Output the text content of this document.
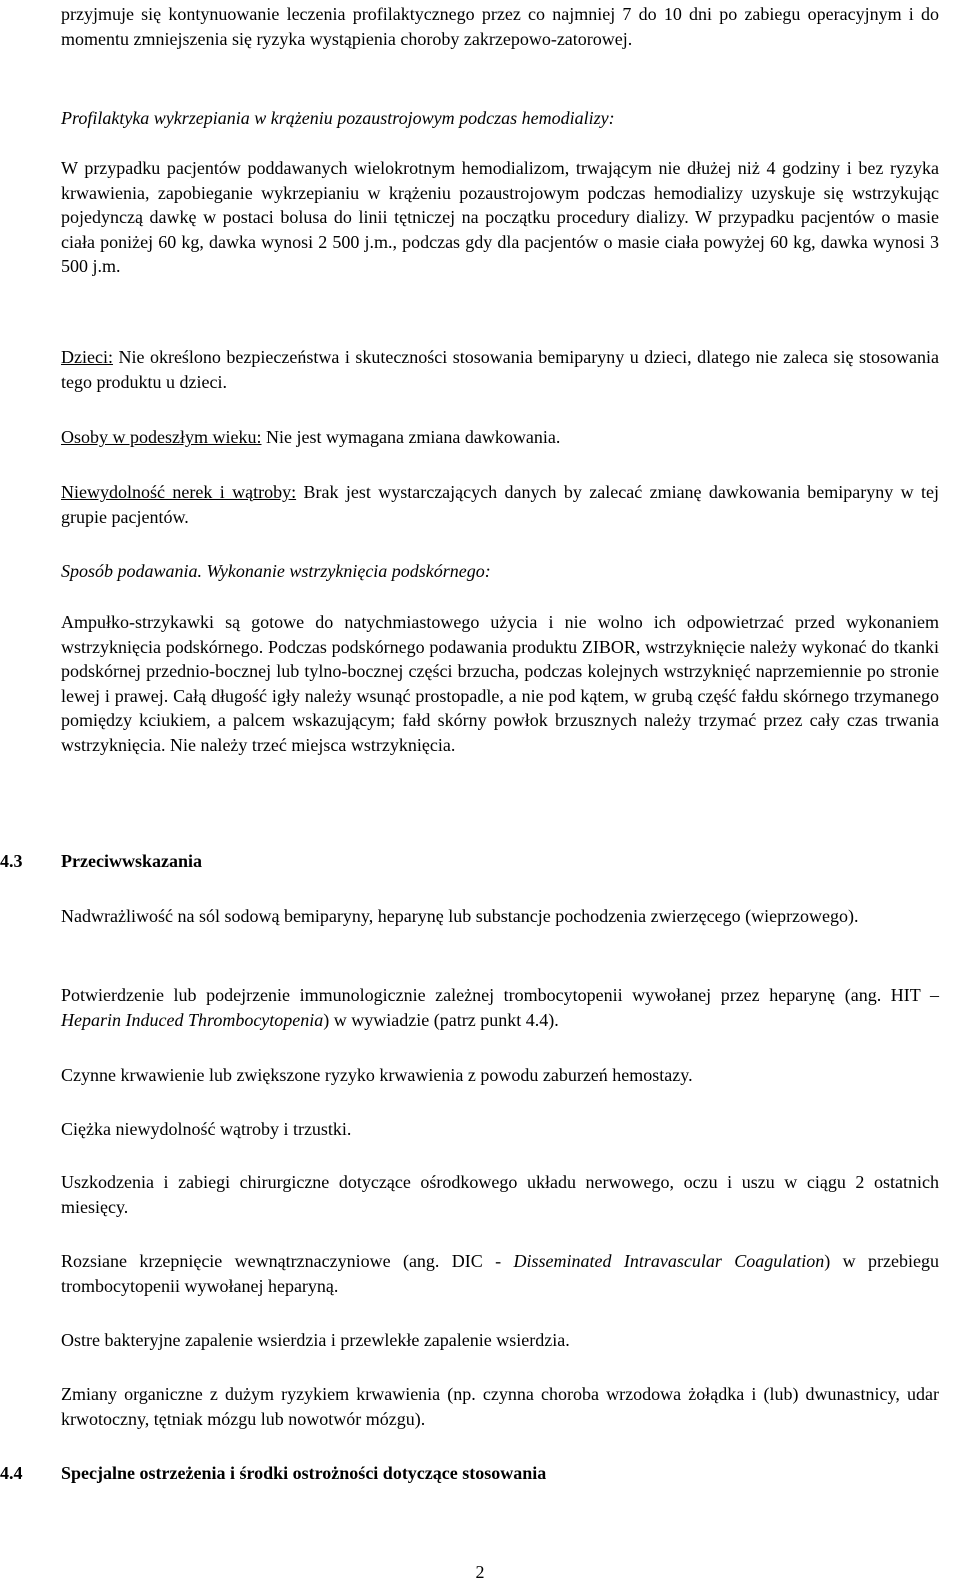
przyjmuje się kontynuowanie leczenia profilaktycznego przez co najmniej 7 do 10 dni po zabiegu operacyjnym i do momentu zmniejszenia się ryzyka wystąpienia choroby zakrzepowo-zatorowej.

Profilaktyka wykrzepiania w krążeniu pozaustrojowym podczas hemodializy:

W przypadku pacjentów poddawanych wielokrotnym hemodializom, trwającym nie dłużej niż 4 godziny i bez ryzyka krwawienia, zapobieganie wykrzepianiu w krążeniu pozaustrojowym podczas hemodializy uzyskuje się wstrzykując pojedynczą dawkę w postaci bolusa do linii tętniczej na początku procedury dializy. W przypadku pacjentów o masie ciała poniżej 60 kg, dawka wynosi 2 500 j.m., podczas gdy dla pacjentów o masie ciała powyżej 60 kg, dawka wynosi 3 500 j.m.

Dzieci: Nie określono bezpieczeństwa i skuteczności stosowania bemiparyny u dzieci, dlatego nie zaleca się stosowania tego produktu u dzieci.

Osoby w podeszłym wieku: Nie jest wymagana zmiana dawkowania.

Niewydolność nerek i wątroby: Brak jest wystarczających danych by zalecać zmianę dawkowania bemiparyny w tej grupie pacjentów.

Sposób podawania. Wykonanie wstrzyknięcia podskórnego:

Ampułko-strzykawki są gotowe do natychmiastowego użycia i nie wolno ich odpowietrzać przed wykonaniem wstrzyknięcia podskórnego. Podczas podskórnego podawania produktu ZIBOR, wstrzyknięcie należy wykonać do tkanki podskórnej przednio-bocznej lub tylno-bocznej części brzucha, podczas kolejnych wstrzyknięć naprzemiennie po stronie lewej i prawej. Całą długość igły należy wsunąć prostopadle, a nie pod kątem, w grubą część fałdu skórnego trzymanego pomiędzy kciukiem, a palcem wskazującym; fałd skórny powłok brzusznych należy trzymać przez cały czas trwania wstrzyknięcia. Nie należy trzeć miejsca wstrzyknięcia.

4.3 Przeciwwskazania

Nadwrażliwość na sól sodową bemiparyny, heparynę lub substancje pochodzenia zwierzęcego (wieprzowego).

Potwierdzenie lub podejrzenie immunologicznie zależnej trombocytopenii wywołanej przez heparynę (ang. HIT – Heparin Induced Thrombocytopenia) w wywiadzie (patrz punkt 4.4).

Czynne krwawienie lub zwiększone ryzyko krwawienia z powodu zaburzeń hemostazy.

Ciężka niewydolność wątroby i trzustki.

Uszkodzenia i zabiegi chirurgiczne dotyczące ośrodkowego układu nerwowego, oczu i uszu w ciągu 2 ostatnich miesięcy.

Rozsiane krzepnięcie wewnątrznaczyniowe (ang. DIC - Disseminated Intravascular Coagulation) w przebiegu trombocytopenii wywołanej heparyną.

Ostre bakteryjne zapalenie wsierdzia i przewlekłe zapalenie wsierdzia.

Zmiany organiczne z dużym ryzykiem krwawienia (np. czynna choroba wrzodowa żołądka i (lub) dwunastnicy, udar krwotoczny, tętniak mózgu lub nowotwór mózgu).

4.4 Specjalne ostrzeżenia i środki ostrożności dotyczące stosowania

2
